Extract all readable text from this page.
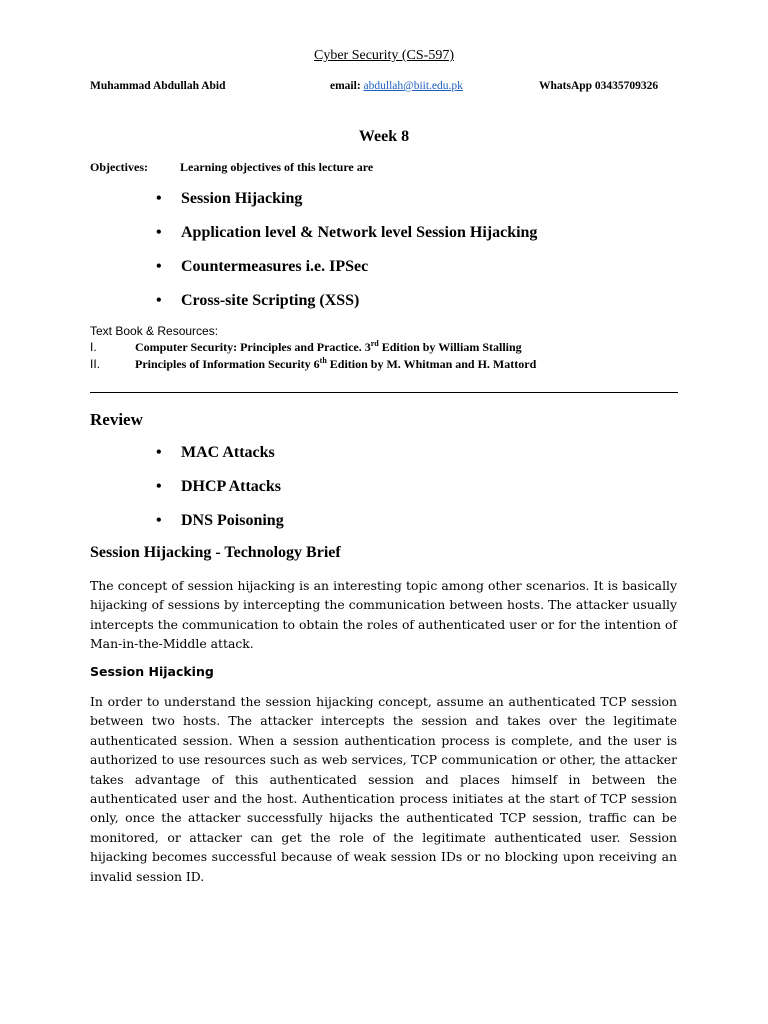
Cyber Security (CS-597)
Muhammad Abdullah Abid	email: abdullah@biit.edu.pk	WhatsApp 03435709326
Week 8
Objectives:	Learning objectives of this lecture are
• Session Hijacking
• Application level & Network level Session Hijacking
• Countermeasures i.e. IPSec
• Cross-site Scripting (XSS)
Text Book & Resources:
I.	Computer Security: Principles and Practice. 3rd Edition by William Stalling
II.	Principles of Information Security 6th Edition by M. Whitman and H. Mattord
Review
• MAC Attacks
• DHCP Attacks
• DNS Poisoning
Session Hijacking - Technology Brief
The concept of session hijacking is an interesting topic among other scenarios. It is basically hijacking of sessions by intercepting the communication between hosts. The attacker usually intercepts the communication to obtain the roles of authenticated user or for the intention of Man-in-the-Middle attack.
Session Hijacking
In order to understand the session hijacking concept, assume an authenticated TCP session between two hosts. The attacker intercepts the session and takes over the legitimate authenticated session. When a session authentication process is complete, and the user is authorized to use resources such as web services, TCP communication or other, the attacker takes advantage of this authenticated session and places himself in between the authenticated user and the host. Authentication process initiates at the start of TCP session only, once the attacker successfully hijacks the authenticated TCP session, traffic can be monitored, or attacker can get the role of the legitimate authenticated user. Session hijacking becomes successful because of weak session IDs or no blocking upon receiving an invalid session ID.
